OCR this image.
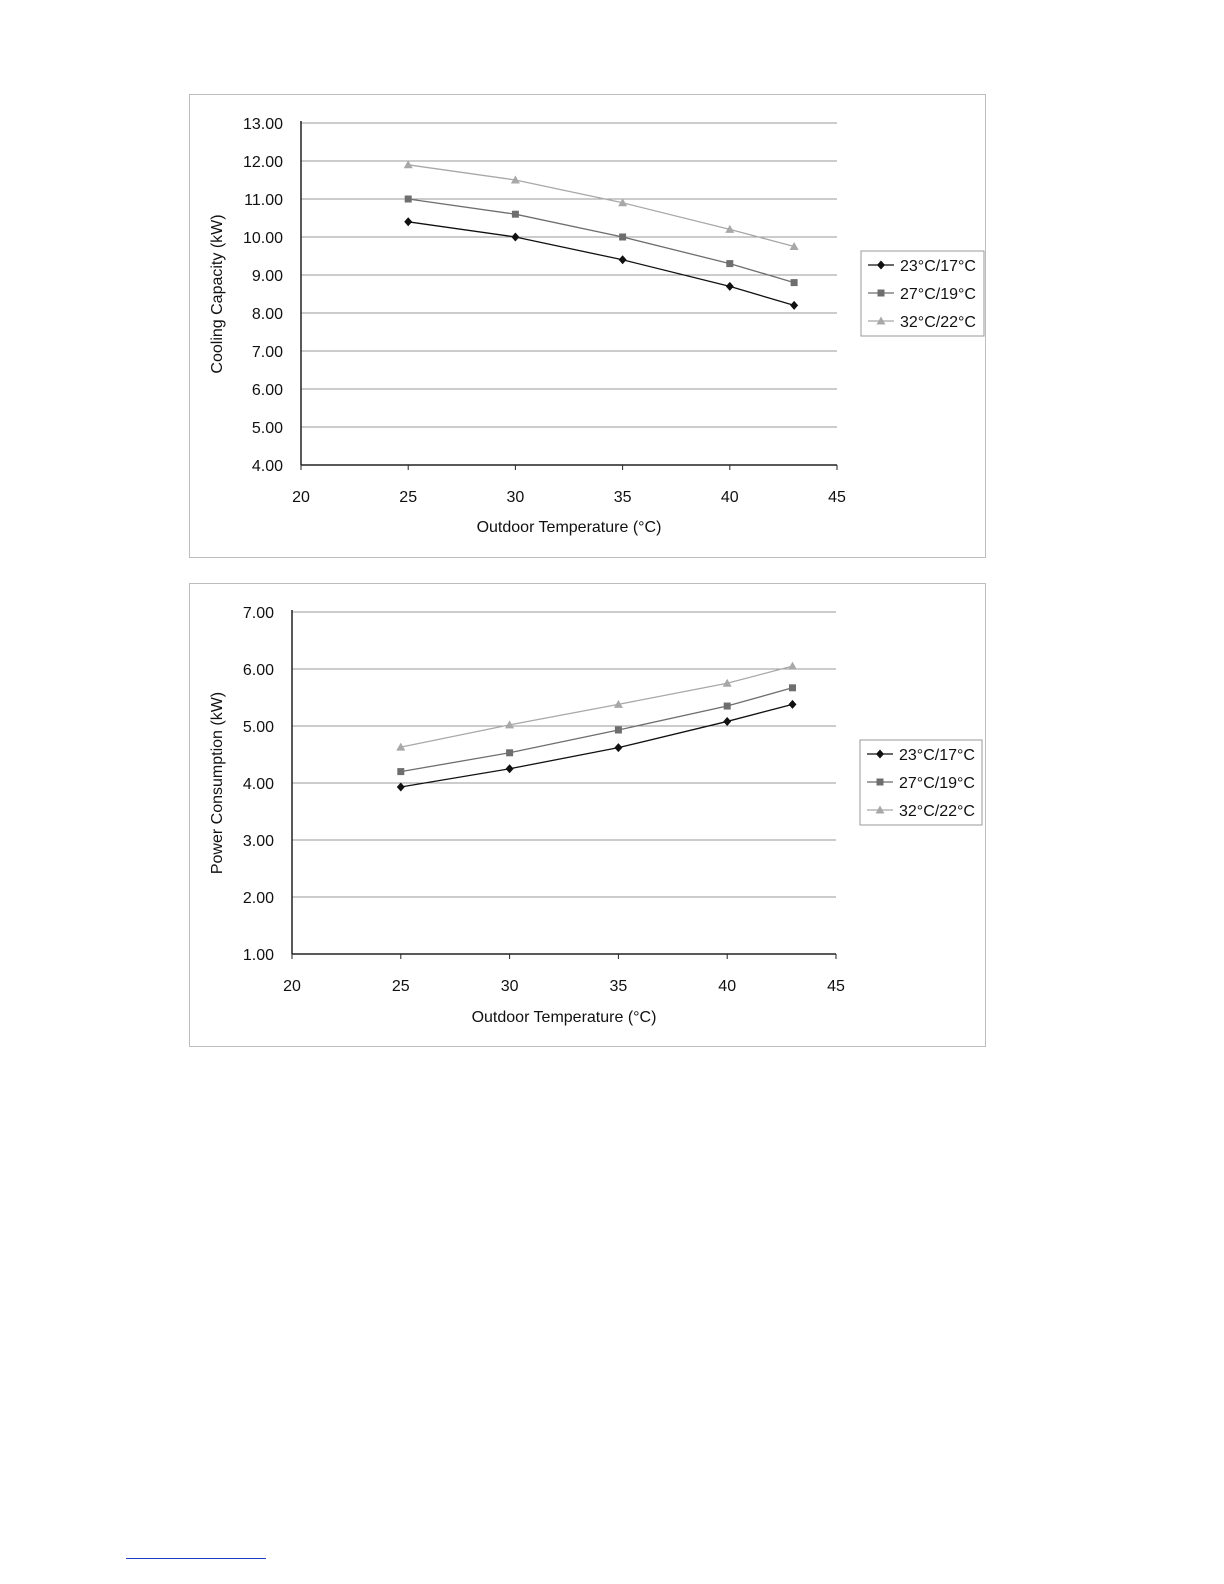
4.00
5.00
6.00
7.00
8.00
9.00
10.00
11.00
12.00
13.00
20	25	30	35	40	45
Outdoor Temperature (°C)
Cooling Capacity (kW)	23°C/17°C
27°C/19°C
32°C/22°C
1.00
2.00
3.00
4.00
5.00
6.00
7.00
20	25	30	35	40	45
Outdoor Temperature (°C)
Power Consumption (kW)	23°C/17°C
27°C/19°C
32°C/22°C
